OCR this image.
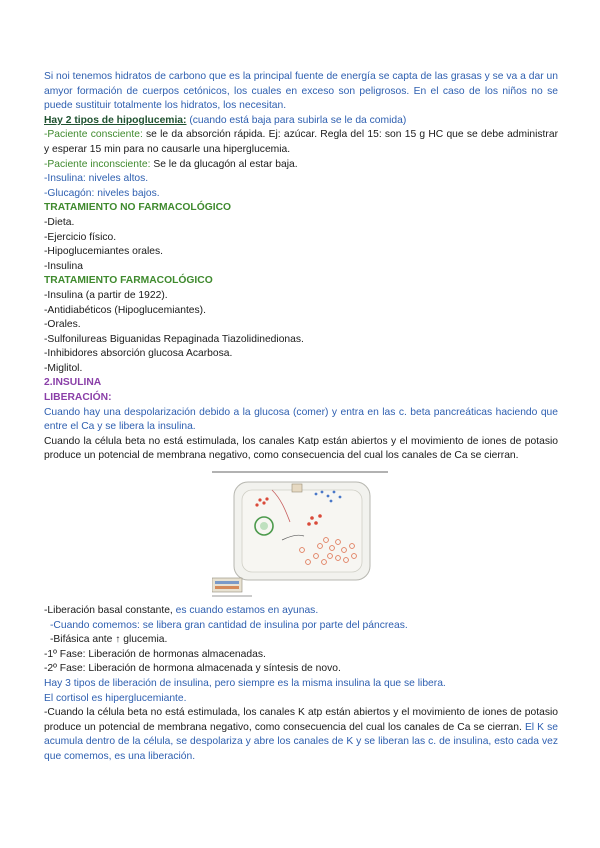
Si noi tenemos hidratos de carbono que es la principal fuente de energía se capta de las grasas y se va a dar un amyor formación de cuerpos cetónicos, los cuales en exceso son peligrosos. En el caso de los niños no se puede sustituir totalmente los hidratos, los necesitan.

Hay 2 tipos de hipoglucemia: (cuando está baja para subirla se le da comida)

-Paciente consciente: se le da absorción rápida. Ej: azúcar. Regla del 15: son 15 g HC que se debe administrar y esperar 15 min para no causarle una hiperglucemia.

-Paciente inconsciente: Se le da glucagón al estar baja.

-Insulina: niveles altos.

-Glucagón: niveles bajos.

TRATAMIENTO NO FARMACOLÓGICO

-Dieta.

-Ejercicio físico.

-Hipoglucemiantes orales.

-Insulina

TRATAMIENTO FARMACOLÓGICO

-Insulina (a partir de 1922).

-Antidiabéticos (Hipoglucemiantes).

-Orales.

-Sulfonilureas Biguanidas Repaginada Tiazolidinedionas.

-Inhibidores absorción glucosa Acarbosa.

-Miglitol.

2.INSULINA

LIBERACIÓN:

Cuando hay una despolarización debido a la glucosa (comer) y entra en las c. beta pancreáticas haciendo que entre el Ca y se libera la insulina.

Cuando la célula beta no está estimulada, los canales Katp están abiertos y el movimiento de iones de potasio produce un potencial de membrana negativo, como consecuencia del cual los canales de Ca se cierran.

-Liberación basal constante, es cuando estamos en ayunas.

-Cuando comemos: se libera gran cantidad de insulina por parte del páncreas.

-Bifásica ante ↑ glucemia.

-1º Fase: Liberación de hormonas almacenadas.

-2º Fase: Liberación de hormona almacenada y síntesis de novo.

Hay 3 tipos de liberación de insulina, pero siempre es la misma insulina la que se libera.

El cortisol es hiperglucemiante.

-Cuando la célula beta no está estimulada, los canales K atp están abiertos y el movimiento de iones de potasio produce un potencial de membrana negativo, como consecuencia del cual los canales de Ca se cierran. El K se acumula dentro de la célula, se despolariza y abre los canales de K y se liberan las c. de insulina, esto cada vez que comemos, es una liberación.
